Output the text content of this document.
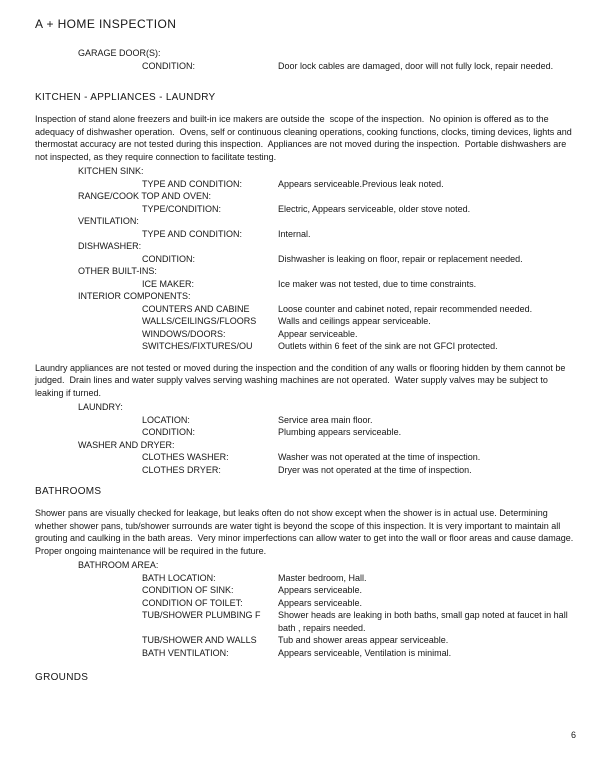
A + HOME INSPECTION
GARAGE DOOR(S):
CONDITION:	Door lock cables are damaged, door will not fully lock, repair needed.
KITCHEN - APPLIANCES - LAUNDRY

Inspection of stand alone freezers and built-in ice makers are outside the  scope of the inspection.  No opinion is offered as to the adequacy of dishwasher operation.  Ovens, self or continuous cleaning operations, cooking functions, clocks, timing devices, lights and thermostat accuracy are not tested during this inspection.  Appliances are not moved during the inspection.  Portable dishwashers are not inspected, as they require connection to facilitate testing.

KITCHEN SINK:
TYPE AND CONDITION:	Appears serviceable.Previous leak noted.
RANGE/COOK TOP AND OVEN:
TYPE/CONDITION:	Electric, Appears serviceable, older stove noted.
VENTILATION:
TYPE AND CONDITION:	Internal.
DISHWASHER:
CONDITION:	Dishwasher is leaking on floor, repair or replacement needed.
OTHER BUILT-INS:
ICE MAKER:	Ice maker was not tested, due to time constraints.
INTERIOR COMPONENTS:
COUNTERS AND CABINE	Loose counter and cabinet noted, repair recommended needed.
WALLS/CEILINGS/FLOORS	Walls and ceilings appear serviceable.
WINDOWS/DOORS:	Appear serviceable.
SWITCHES/FIXTURES/OU	Outlets within 6 feet of the sink are not GFCI protected.

Laundry appliances are not tested or moved during the inspection and the condition of any walls or flooring hidden by them cannot be judged.  Drain lines and water supply valves serving washing machines are not operated.  Water supply valves may be subject to leaking if turned.

LAUNDRY:
LOCATION:	Service area main floor.
CONDITION:	Plumbing appears serviceable.
WASHER AND DRYER:
CLOTHES WASHER:	Washer was not operated at the time of inspection.
CLOTHES DRYER:	Dryer was not operated at the time of inspection.
BATHROOMS

Shower pans are visually checked for leakage, but leaks often do not show except when the shower is in actual use. Determining whether shower pans, tub/shower surrounds are water tight is beyond the scope of this inspection. It is very important to maintain all grouting and caulking in the bath areas.  Very minor imperfections can allow water to get into the wall or floor areas and cause damage.  Proper ongoing maintenance will be required in the future.

BATHROOM AREA:
BATH LOCATION:	Master bedroom, Hall.
CONDITION OF SINK:	Appears serviceable.
CONDITION OF TOILET:	Appears serviceable.
TUB/SHOWER PLUMBING F	Shower heads are leaking in both baths, small gap noted at faucet in hall bath , repairs needed.
TUB/SHOWER AND WALLS	Tub and shower areas appear serviceable.
BATH VENTILATION:	Appears serviceable, Ventilation is minimal.
GROUNDS
6
